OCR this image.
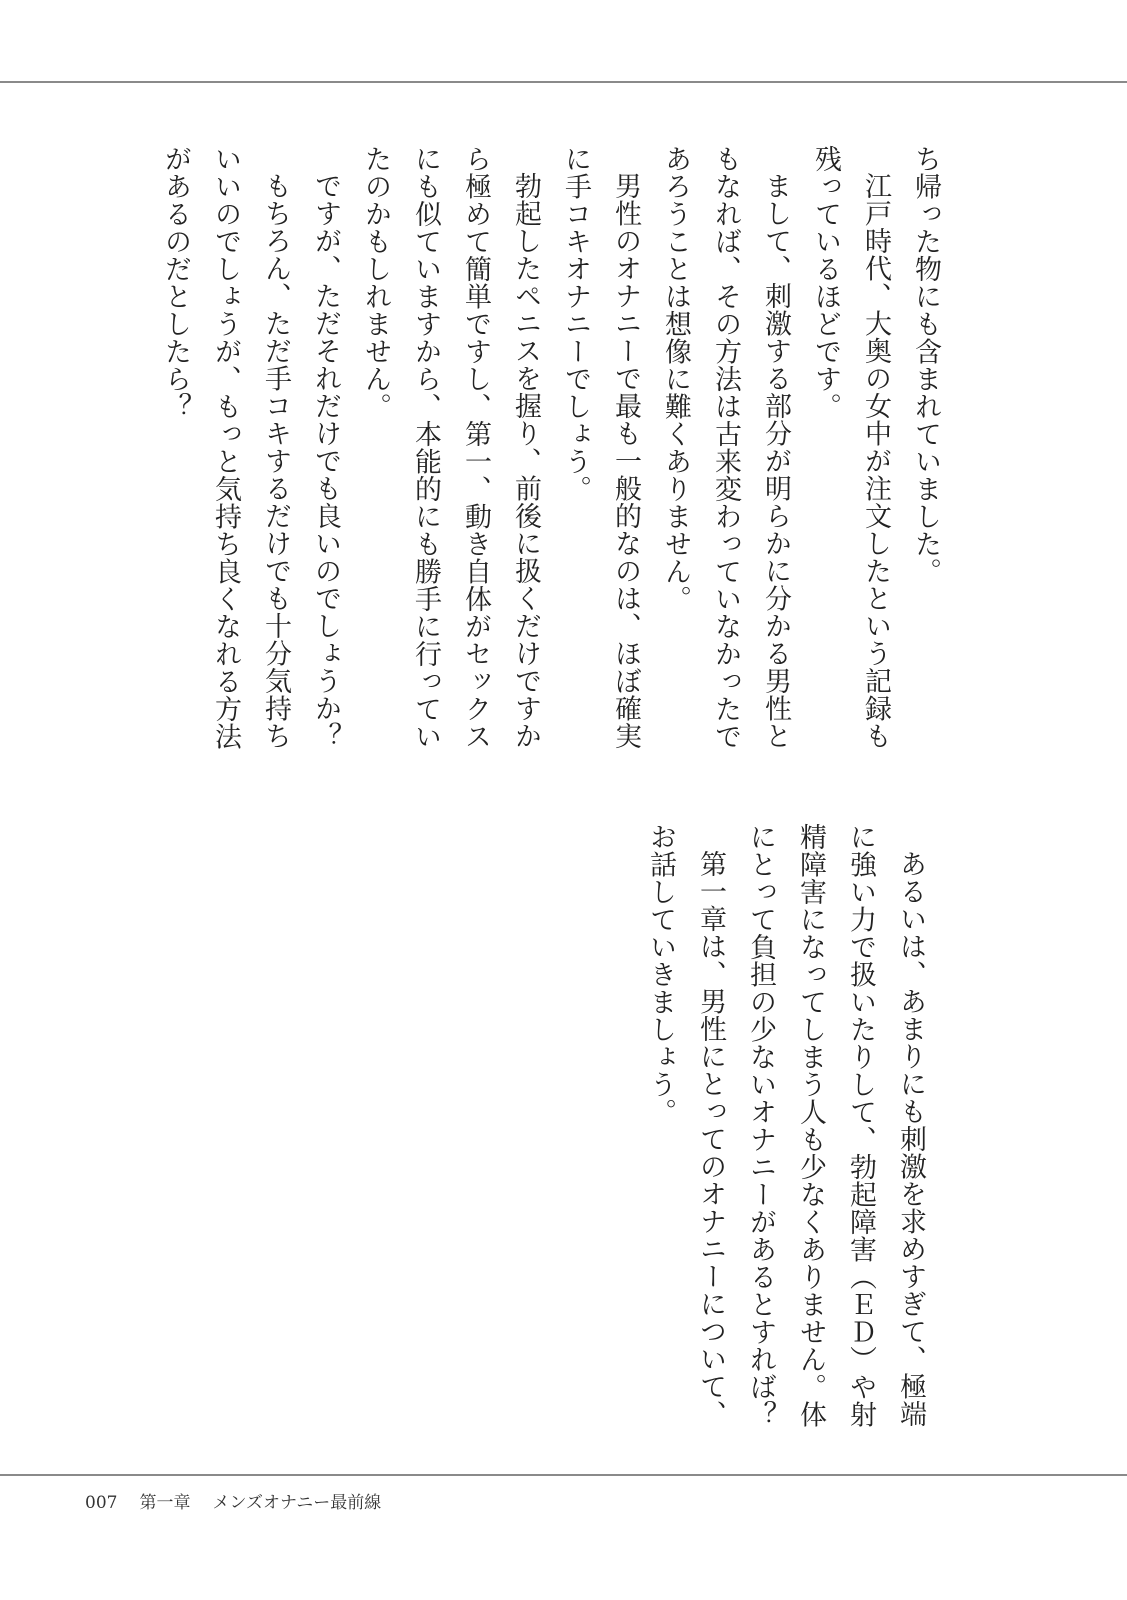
ち帰った物にも含まれていました。

江戸時代、大奥の女中が注文したという記録も

残っているほどです。

まして、刺激する部分が明らかに分かる男性と

もなれば、その方法は古来変わっていなかったで

あろうことは想像に難くありません。

男性のオナニーで最も一般的なのは、ほぼ確実

に手コキオナニーでしょう。

勃起したペニスを握り、前後に扱くだけですか

ら極めて簡単ですし、第一、動き自体がセックス

にも似ていますから、本能的にも勝手に行ってい

たのかもしれません。

ですが、ただそれだけでも良いのでしょうか？

もちろん、ただ手コキするだけでも十分気持ち

いいのでしょうが、もっと気持ち良くなれる方法

があるのだとしたら？

あるいは、あまりにも刺激を求めすぎて、極端

に強い力で扱いたりして、勃起障害（ＥＤ）や射

精障害になってしまう人も少なくありません。体

にとって負担の少ないオナニーがあるとすれば？

第一章は、男性にとってのオナニーについて、

お話していきましょう。

007 第一章 メンズオナニー最前線
